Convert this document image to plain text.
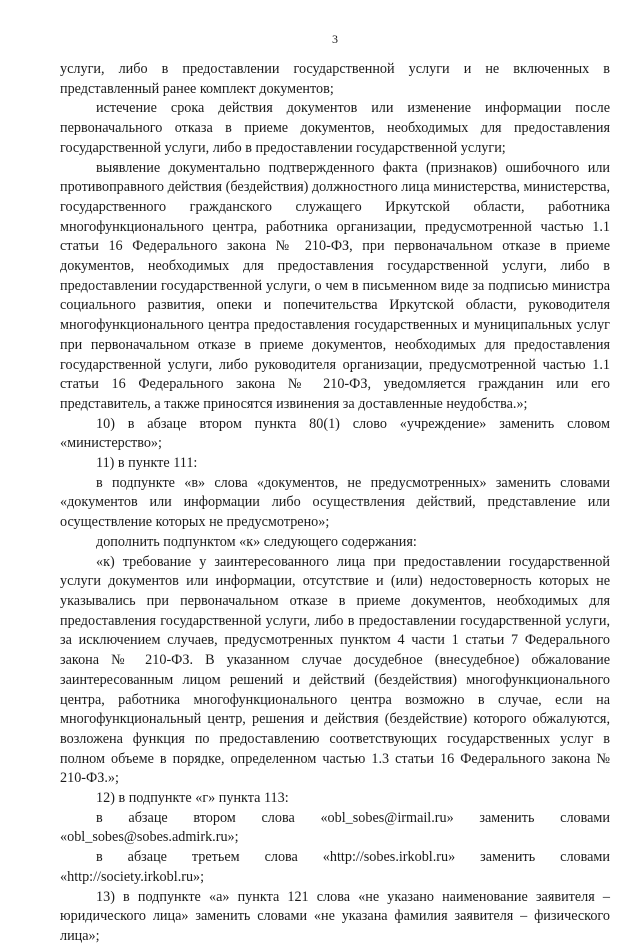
3

услуги, либо в предоставлении государственной услуги и не включенных в представленный ранее комплект документов;

истечение срока действия документов или изменение информации после первоначального отказа в приеме документов, необходимых для предоставления государственной услуги, либо в предоставлении государственной услуги;

выявление документально подтвержденного факта (признаков) ошибочного или противоправного действия (бездействия) должностного лица министерства, министерства, государственного гражданского служащего Иркутской области, работника многофункционального центра, работника организации, предусмотренной частью 1.1 статьи 16 Федерального закона № 210-ФЗ, при первоначальном отказе в приеме документов, необходимых для предоставления государственной услуги, либо в предоставлении государственной услуги, о чем в письменном виде за подписью министра социального развития, опеки и попечительства Иркутской области, руководителя многофункционального центра предоставления государственных и муниципальных услуг при первоначальном отказе в приеме документов, необходимых для предоставления государственной услуги, либо руководителя организации, предусмотренной частью 1.1 статьи 16 Федерального закона № 210-ФЗ, уведомляется гражданин или его представитель, а также приносятся извинения за доставленные неудобства.»;

10) в абзаце втором пункта 80(1) слово «учреждение» заменить словом «министерство»;

11) в пункте 111:

в подпункте «в» слова «документов, не предусмотренных» заменить словами «документов или информации либо осуществления действий, представление или осуществление которых не предусмотрено»;

дополнить подпунктом «к» следующего содержания:

«к) требование у заинтересованного лица при предоставлении государственной услуги документов или информации, отсутствие и (или) недостоверность которых не указывались при первоначальном отказе в приеме документов, необходимых для предоставления государственной услуги, либо в предоставлении государственной услуги, за исключением случаев, предусмотренных пунктом 4 части 1 статьи 7 Федерального закона № 210-ФЗ. В указанном случае досудебное (внесудебное) обжалование заинтересованным лицом решений и действий (бездействия) многофункционального центра, работника многофункционального центра возможно в случае, если на многофункциональный центр, решения и действия (бездействие) которого обжалуются, возложена функция по предоставлению соответствующих государственных услуг в полном объеме в порядке, определенном частью 1.3 статьи 16 Федерального закона № 210-ФЗ.»;

12) в подпункте «г» пункта 113:

в абзаце втором слова «obl_sobes@irmail.ru» заменить словами «obl_sobes@sobes.admirk.ru»;

в абзаце третьем слова «http://sobes.irkobl.ru» заменить словами «http://society.irkobl.ru»;

13) в подпункте «а» пункта 121 слова «не указано наименование заявителя – юридического лица» заменить словами «не указана фамилия заявителя – физического лица»;
